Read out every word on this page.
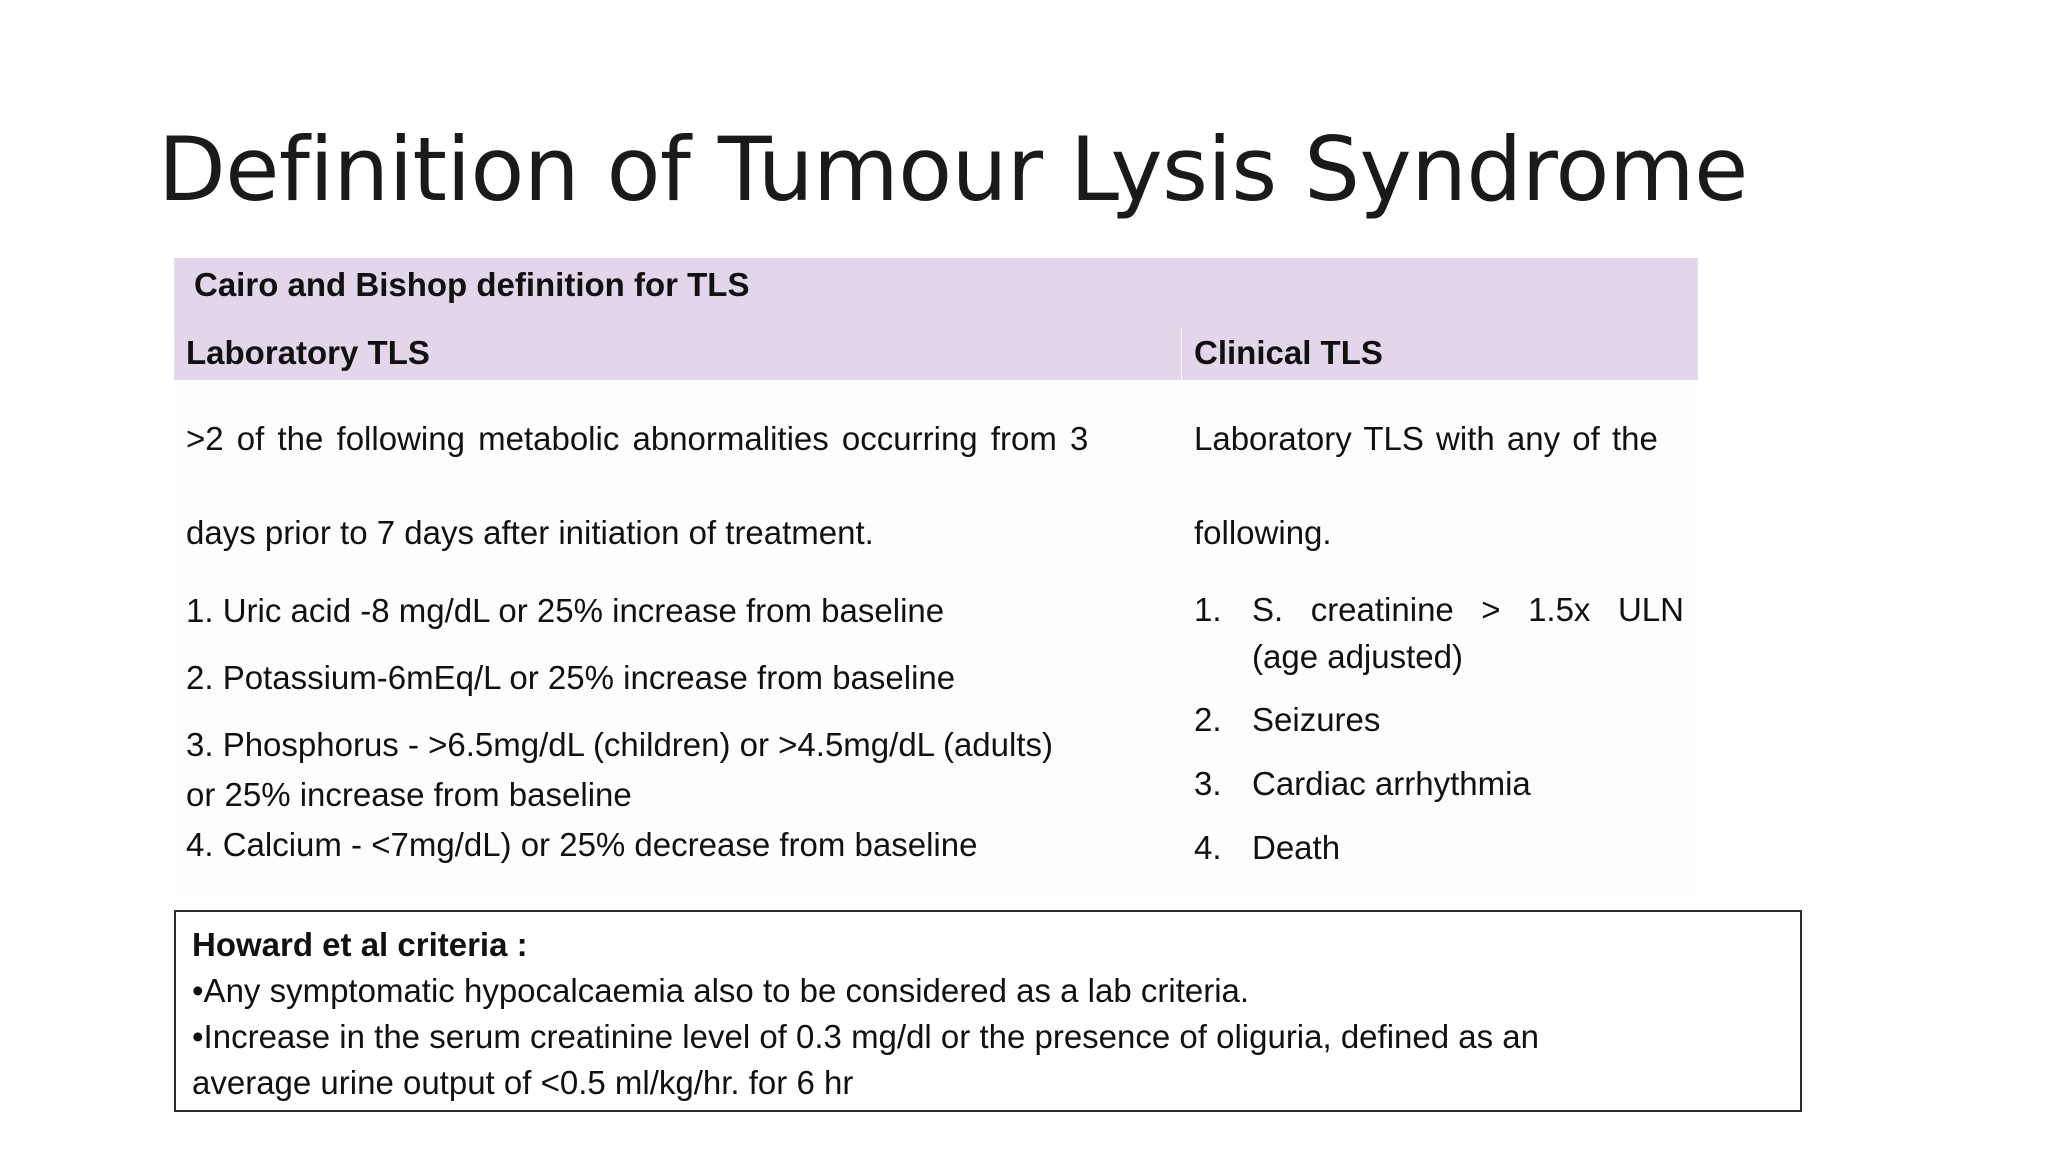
Definition of Tumour Lysis Syndrome
Cairo and Bishop definition for TLS
Laboratory TLS	Clinical TLS
>2 of the following metabolic abnormalities occurring from 3
days prior to 7 days after initiation of treatment.
1. Uric acid -8 mg/dL or 25% increase from baseline
2. Potassium-6mEq/L or 25% increase from baseline
3. Phosphorus - >6.5mg/dL (children) or >4.5mg/dL (adults)
or 25% increase from baseline
4. Calcium - <7mg/dL) or 25% decrease from baseline
Laboratory TLS with any of the
following.
1. S. creatinine > 1.5x ULN
(age adjusted)
2. Seizures
3. Cardiac arrhythmia
4. Death
Howard et al criteria :
•Any symptomatic hypocalcaemia also to be considered as a lab criteria.
•Increase in the serum creatinine level of 0.3 mg/dl or the presence of oliguria, defined as an
average urine output of <0.5 ml/kg/hr. for 6 hr
